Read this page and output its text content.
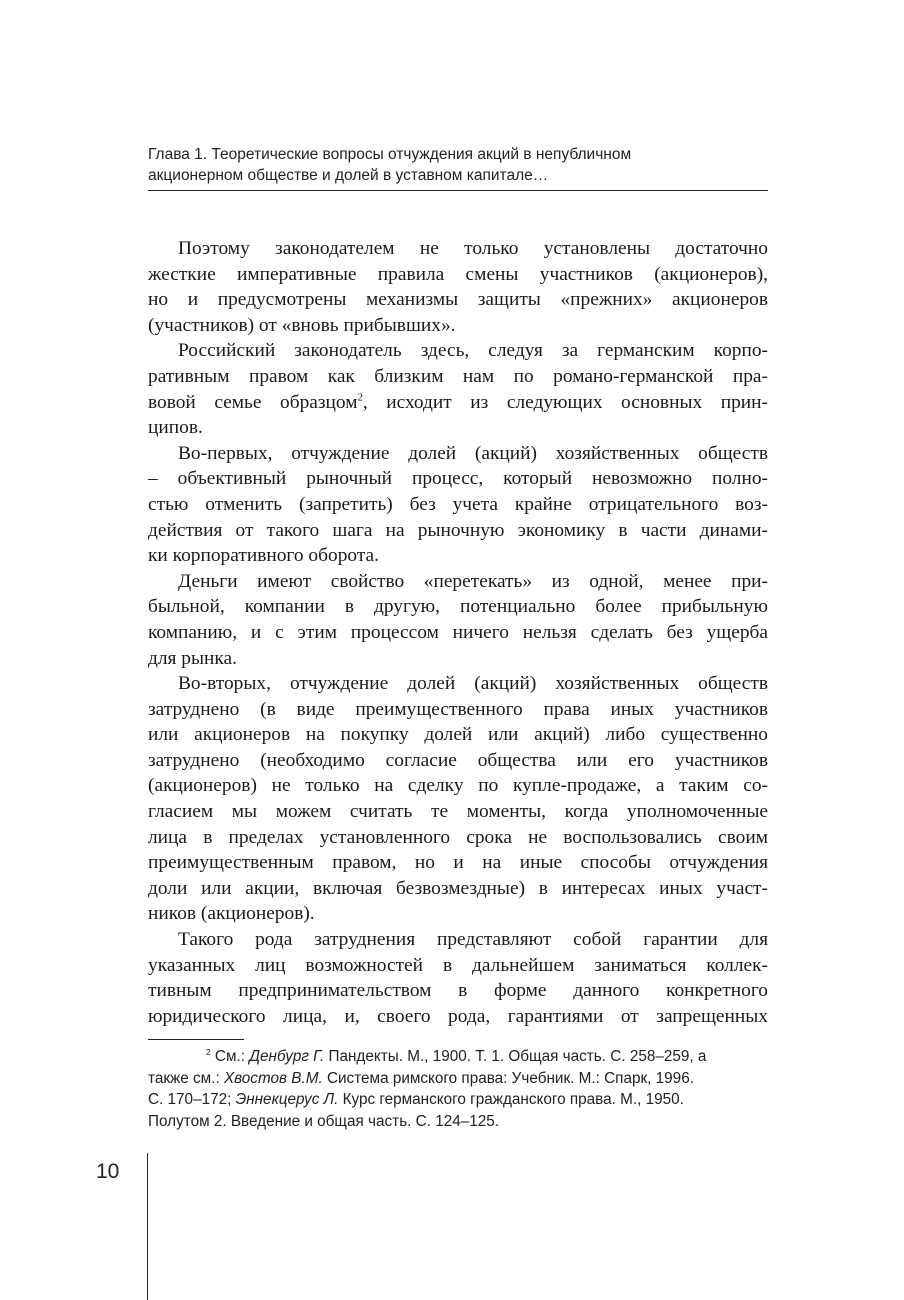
Глава 1. Теоретические вопросы отчуждения акций в непубличном
акционерном обществе и долей в уставном капитале…
Поэтому законодателем не только установлены достаточно
жесткие императивные правила смены участников (акционеров),
но и предусмотрены механизмы защиты «прежних» акционеров
(участников) от «вновь прибывших».
Российский законодатель здесь, следуя за германским корпо-
ративным правом как близким нам по романо-германской пра-
вовой семье образцом$^2$, исходит из следующих основных прин-
ципов.
Во-первых, отчуждение долей (акций) хозяйственных обществ
– объективный рыночный процесс, который невозможно полно-
стью отменить (запретить) без учета крайне отрицательного воз-
действия от такого шага на рыночную экономику в части динами-
ки корпоративного оборота.
Деньги имеют свойство «перетекать» из одной, менее при-
быльной, компании в другую, потенциально более прибыльную
компанию, и с этим процессом ничего нельзя сделать без ущерба
для рынка.
Во-вторых, отчуждение долей (акций) хозяйственных обществ
затруднено (в виде преимущественного права иных участников
или акционеров на покупку долей или акций) либо существенно
затруднено (необходимо согласие общества или его участников
(акционеров) не только на сделку по купле-продаже, а таким со-
гласием мы можем считать те моменты, когда уполномоченные
лица в пределах установленного срока не воспользовались своим
преимущественным правом, но и на иные способы отчуждения
доли или акции, включая безвозмездные) в интересах иных участ-
ников (акционеров).
Такого рода затруднения представляют собой гарантии для
указанных лиц возможностей в дальнейшем заниматься коллек-
тивным предпринимательством в форме данного конкретного
юридического лица, и, своего рода, гарантиями от запрещенных
$^2$ См.: Денбург Г. Пандекты. М., 1900. Т. 1. Общая часть. С. 258–259, а
также см.: Хвостов В.М. Система римского права: Учебник. М.: Спарк, 1996.
С. 170–172; Эннекцерус Л. Курс германского гражданского права. М., 1950.
Полутом 2. Введение и общая часть. С. 124–125.
10
